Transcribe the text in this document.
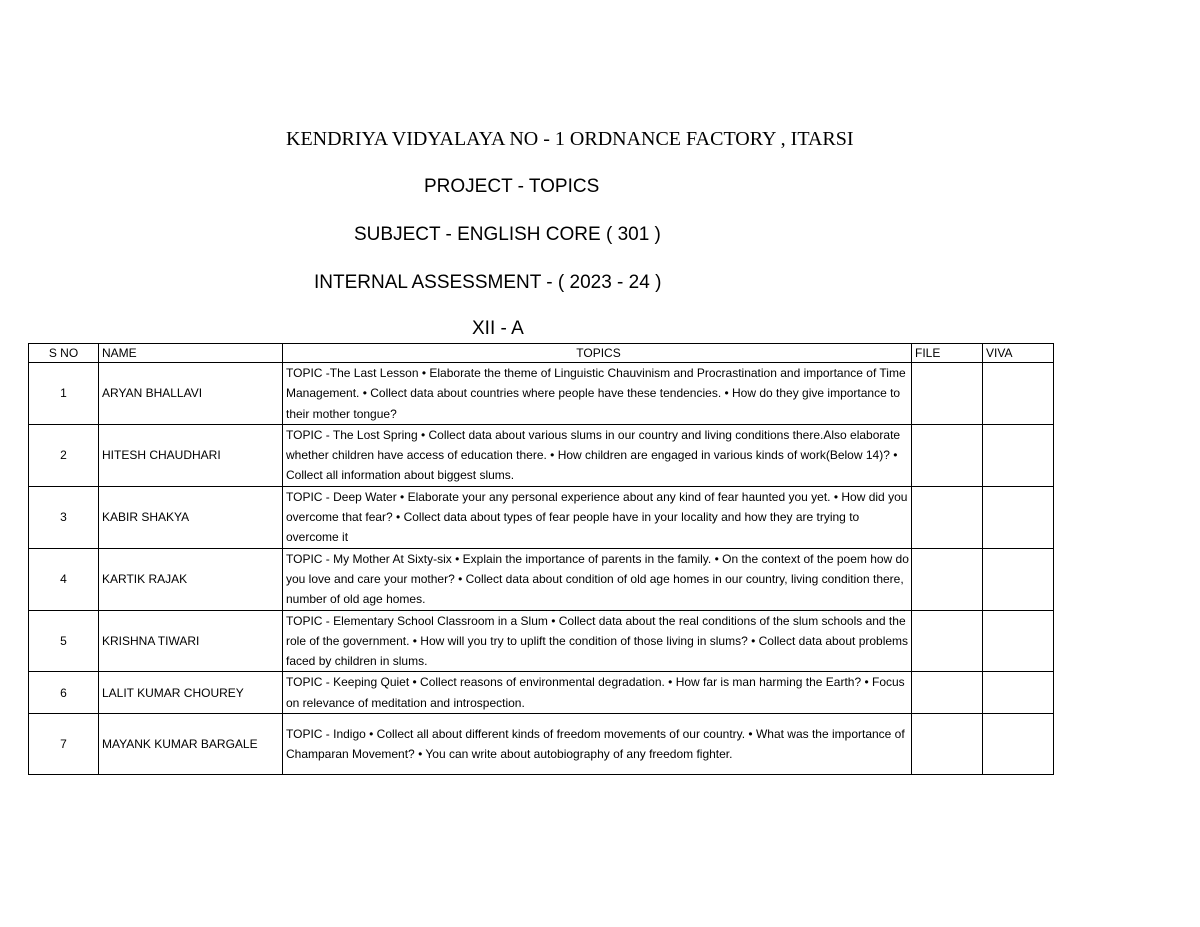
KENDRIYA VIDYALAYA NO - 1 ORDNANCE FACTORY , ITARSI
PROJECT - TOPICS
SUBJECT - ENGLISH CORE ( 301 )
INTERNAL ASSESSMENT - ( 2023 - 24 )
XII - A
S NO	NAME	TOPICS	FILE	VIVA
1	ARYAN BHALLAVI	TOPIC -The Last Lesson • Elaborate the theme of Linguistic Chauvinism and Procrastination and importance of Time Management. • Collect data about countries where people have these tendencies. • How do they give importance to their mother tongue?		
2	HITESH CHAUDHARI	TOPIC - The Lost Spring • Collect data about various slums in our country and living conditions there.Also elaborate whether children have access of education there. • How children are engaged in various kinds of work(Below 14)? • Collect all information about biggest slums.		
3	KABIR SHAKYA	TOPIC - Deep Water • Elaborate your any personal experience about any kind of fear haunted you yet. • How did you overcome that fear? • Collect data about types of fear people have in your locality and how they are trying to overcome it		
4	KARTIK RAJAK	TOPIC - My Mother At Sixty-six • Explain the importance of parents in the family. • On the context of the poem how do you love and care your mother? • Collect data about condition of old age homes in our country, living condition there, number of old age homes.		
5	KRISHNA TIWARI	TOPIC - Elementary School Classroom in a Slum • Collect data about the real conditions of the slum schools and the role of the government. • How will you try to uplift the condition of those living in slums? • Collect data about problems faced by children in slums.		
6	LALIT KUMAR CHOUREY	TOPIC - Keeping Quiet • Collect reasons of environmental degradation. • How far is man harming the Earth? • Focus on relevance of meditation and introspection.		
7	MAYANK KUMAR BARGALE	TOPIC - Indigo • Collect all about different kinds of freedom movements of our country. • What was the importance of Champaran Movement? • You can write about autobiography of any freedom fighter.		
